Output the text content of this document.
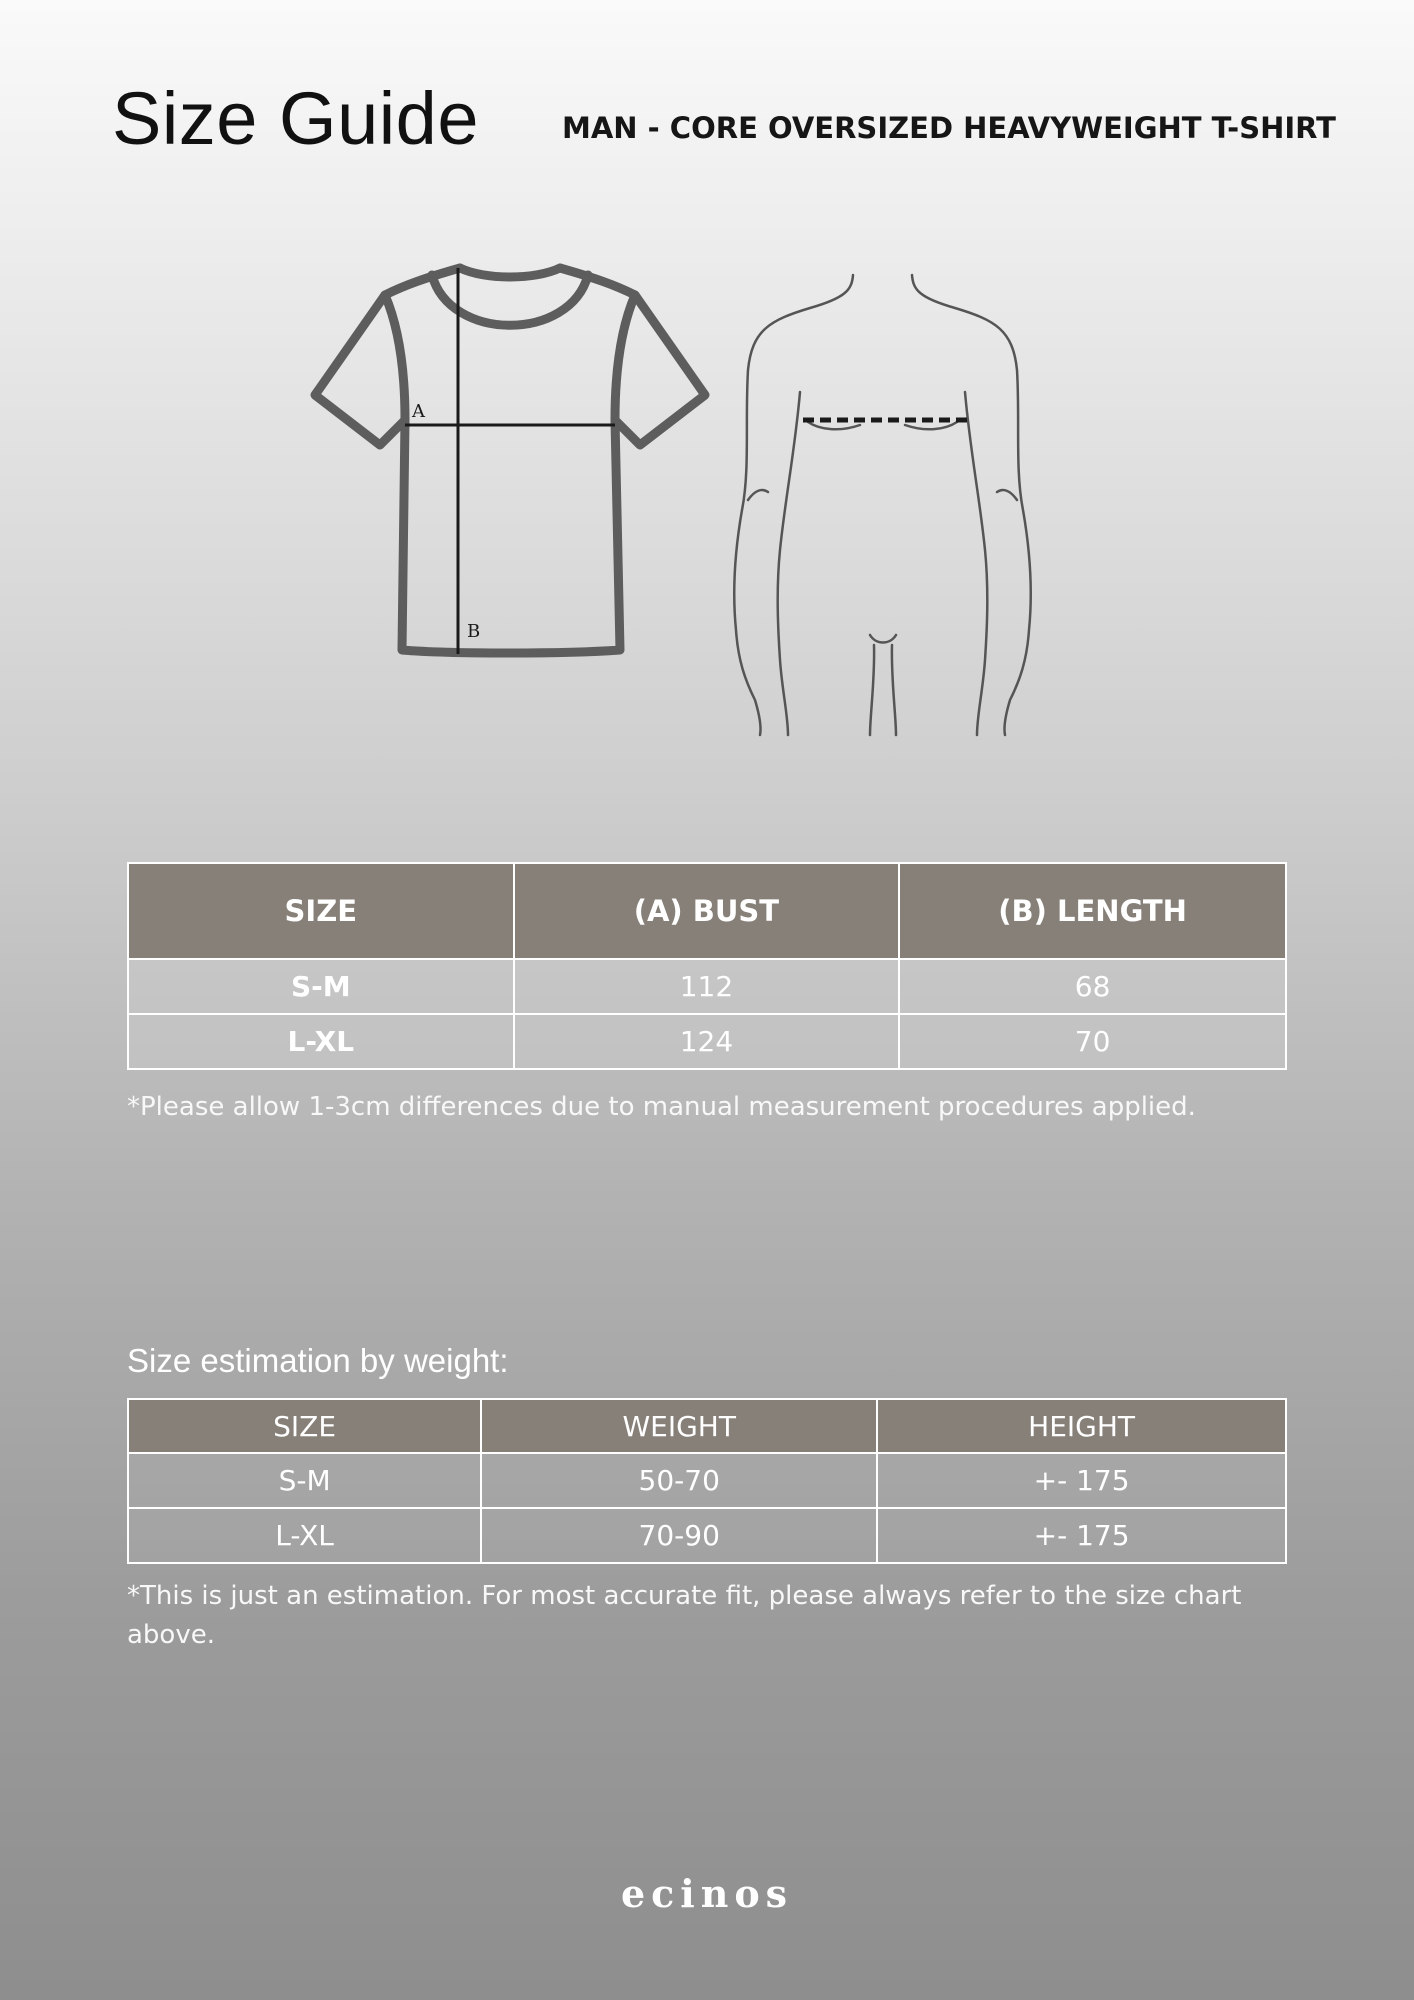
Size Guide	MAN - CORE OVERSIZED HEAVYWEIGHT T-SHIRT
A
B
SIZE	(A) BUST	(B) LENGTH
S-M	112	68
L-XL	124	70
*Please allow 1-3cm differences due to manual measurement procedures applied.
Size estimation by weight:
SIZE	WEIGHT	HEIGHT
S-M	50-70	+- 175
L-XL	70-90	+- 175
*This is just an estimation. For most accurate fit, please always refer to the size chart above.
ecinos
